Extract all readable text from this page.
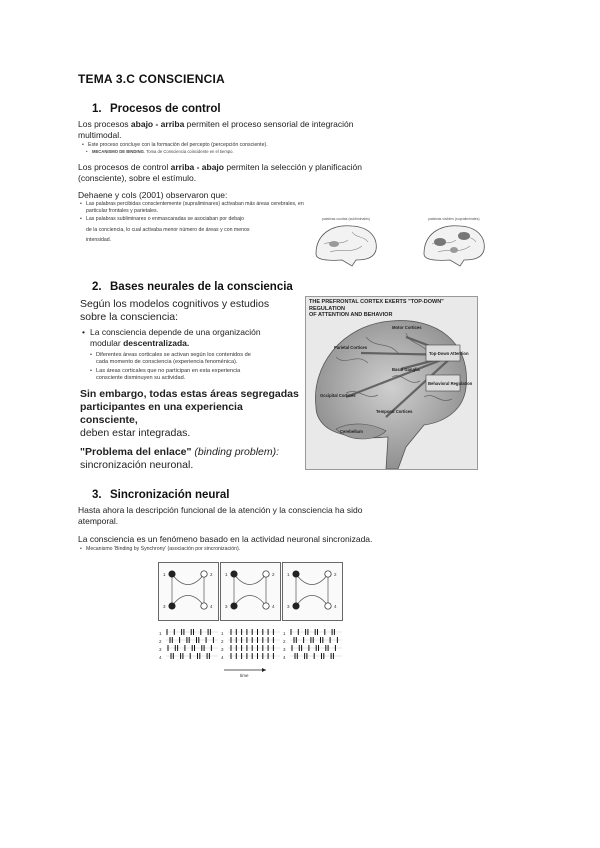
TEMA 3.C CONSCIENCIA
1. Procesos de control
Los procesos abajo - arriba permiten el proceso sensorial de integración multimodal.
• Este proceso concluye con la formación del percepto (percepción consciente).
• MECANISMO DE BINDING. Toma de Consciencia coincidente en el tiempo.
Los procesos de control arriba - abajo permiten la selección y planificación
(consciente), sobre el estímulo.
Dehaene y cols (2001) observaron que:
• Las palabras percibidas conscientemente (supraliminares) activaban más áreas cerebrales, en
particular frontales y parietales.
• Las palabras subliminares o enmascaradas se asociaban por debajo
de la conciencia, lo cual activaba menor número de áreas y con menos
intensidad.
palabras ocultas (subliminales)	palabras visibles (supraliminales)
2. Bases neurales de la consciencia
Según los modelos cognitivos y estudios
sobre la consciencia:
• La consciencia depende de una organización
modular descentralizada.
• Diferentes áreas corticales se activan según los contenidos de
cada momento de consciencia (experiencia fenoménica).
• Las áreas corticales que no participan en esta experiencia
consciente disminuyen su actividad.
Sin embargo, todas estas áreas segregadas
participantes en una experiencia consciente,
deben estar integradas.
"Problema del enlace" (binding problem):
sincronización neuronal.
THE PREFRONTAL CORTEX EXERTS "TOP-DOWN" REGULATION
OF ATTENTION AND BEHAVIOR
Motor Cortices
Parietal Cortices
Top-Down Attention
Basal Ganglia
Behavioral Regulation
Occipital Cortices
Temporal Cortices
Cerebellum
3. Sincronización neural
Hasta ahora la descripción funcional de la atención y la consciencia ha sido
atemporal.
La consciencia es un fenómeno basado en la actividad neuronal sincronizada.
• Mecanismo 'Binding by Synchrony' (asociación por sincronización).
1	2
3	4
1
2
3
4
1	2
3	4
1
2
3
4
1	2
3	4
1
2
3
4
time
